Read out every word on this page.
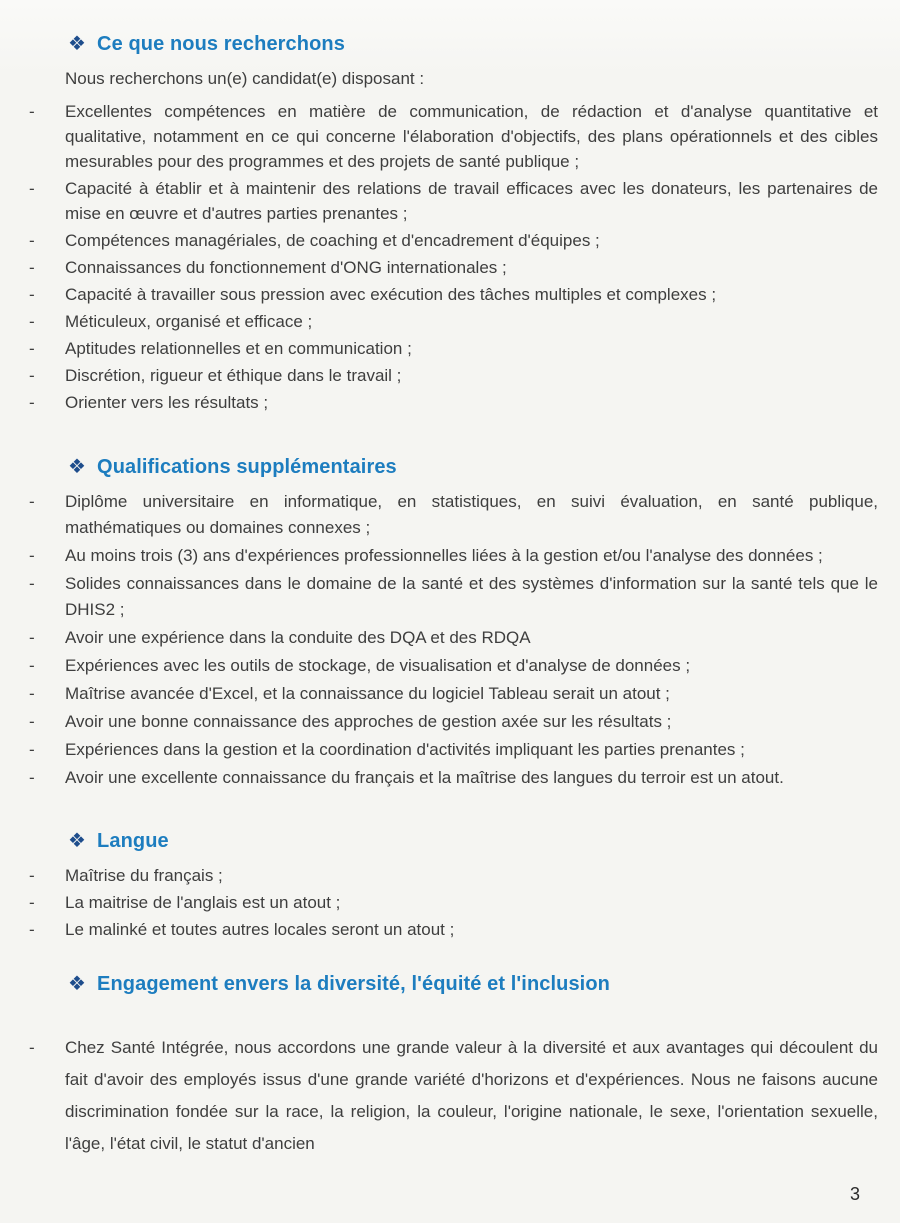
❖ Ce que nous recherchons

Nous recherchons un(e) candidat(e) disposant :

- Excellentes compétences en matière de communication, de rédaction et d'analyse quantitative et qualitative, notamment en ce qui concerne l'élaboration d'objectifs, des plans opérationnels et des cibles mesurables pour des programmes et des projets de santé publique ;
- Capacité à établir et à maintenir des relations de travail efficaces avec les donateurs, les partenaires de mise en œuvre et d'autres parties prenantes ;
- Compétences managériales, de coaching et d'encadrement d'équipes ;
- Connaissances du fonctionnement d'ONG internationales ;
- Capacité à travailler sous pression avec exécution des tâches multiples et complexes ;
- Méticuleux, organisé et efficace ;
- Aptitudes relationnelles et en communication ;
- Discrétion, rigueur et éthique dans le travail ;
- Orienter vers les résultats ;
❖ Qualifications supplémentaires
- Diplôme universitaire en informatique, en statistiques, en suivi évaluation, en santé publique, mathématiques ou domaines connexes ;
- Au moins trois (3) ans d'expériences professionnelles liées à la gestion et/ou l'analyse des données ;
- Solides connaissances dans le domaine de la santé et des systèmes d'information sur la santé tels que le DHIS2 ;
- Avoir une expérience dans la conduite des DQA et des RDQA
- Expériences avec les outils de stockage, de visualisation et d'analyse de données ;
- Maîtrise avancée d'Excel, et la connaissance du logiciel Tableau serait un atout ;
- Avoir une bonne connaissance des approches de gestion axée sur les résultats ;
- Expériences dans la gestion et la coordination d'activités impliquant les parties prenantes ;
- Avoir une excellente connaissance du français et la maîtrise des langues du terroir est un atout.
❖ Langue
- Maîtrise du français ;
- La maitrise de l'anglais est un atout ;
- Le malinké et toutes autres locales seront un atout ;
❖ Engagement envers la diversité, l'équité et l'inclusion
- Chez Santé Intégrée, nous accordons une grande valeur à la diversité et aux avantages qui découlent du fait d'avoir des employés issus d'une grande variété d'horizons et d'expériences. Nous ne faisons aucune discrimination fondée sur la race, la religion, la couleur, l'origine nationale, le sexe, l'orientation sexuelle, l'âge, l'état civil, le statut d'ancien
3
